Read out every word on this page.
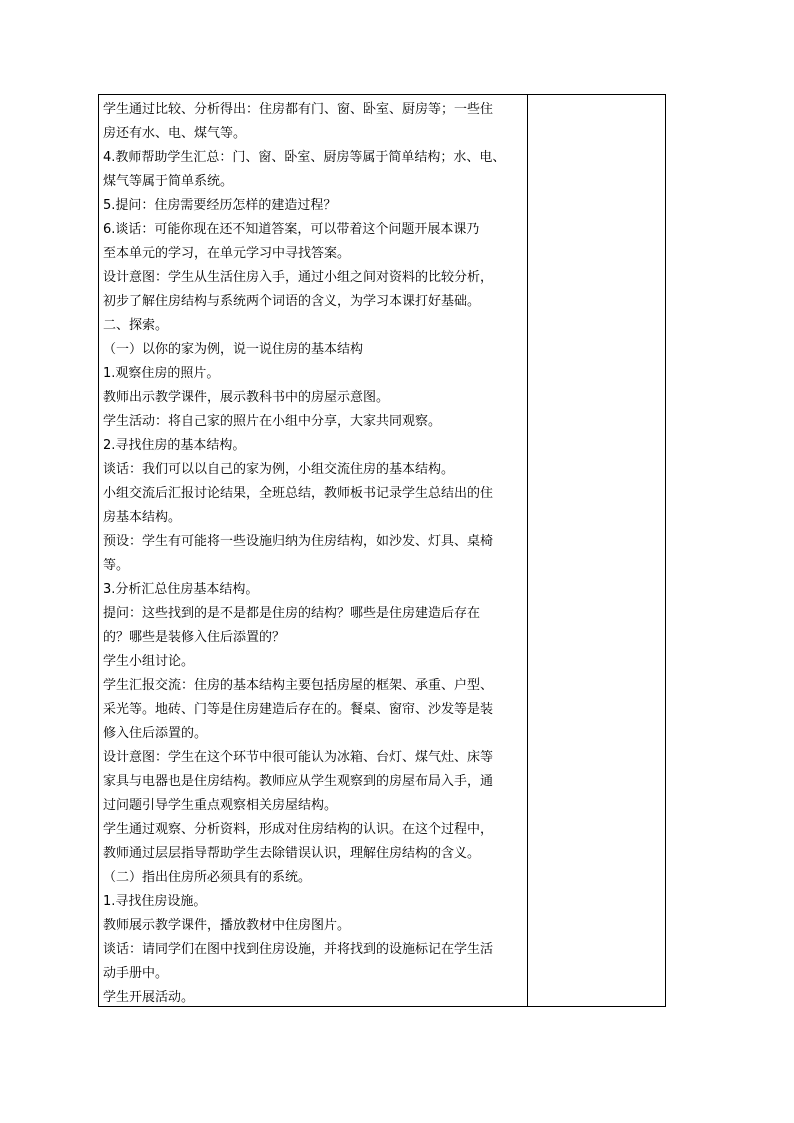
学生通过比较、分析得出：住房都有门、窗、卧室、厨房等；一些住
房还有水、电、煤气等。
4.教师帮助学生汇总：门、窗、卧室、厨房等属于简单结构；水、电、
煤气等属于简单系统。
5.提问：住房需要经历怎样的建造过程？
6.谈话：可能你现在还不知道答案，可以带着这个问题开展本课乃
至本单元的学习，在单元学习中寻找答案。
设计意图：学生从生活住房入手，通过小组之间对资料的比较分析，
初步了解住房结构与系统两个词语的含义，为学习本课打好基础。
二、探索。
（一）以你的家为例，说一说住房的基本结构
1.观察住房的照片。
教师出示教学课件，展示教科书中的房屋示意图。
学生活动：将自己家的照片在小组中分享，大家共同观察。
2.寻找住房的基本结构。
谈话：我们可以以自己的家为例，小组交流住房的基本结构。
小组交流后汇报讨论结果，全班总结，教师板书记录学生总结出的住
房基本结构。
预设：学生有可能将一些设施归纳为住房结构，如沙发、灯具、桌椅
等。
3.分析汇总住房基本结构。
提问：这些找到的是不是都是住房的结构？哪些是住房建造后存在
的？哪些是装修入住后添置的？
学生小组讨论。
学生汇报交流：住房的基本结构主要包括房屋的框架、承重、户型、
采光等。地砖、门等是住房建造后存在的。餐桌、窗帘、沙发等是装
修入住后添置的。
设计意图：学生在这个环节中很可能认为冰箱、台灯、煤气灶、床等
家具与电器也是住房结构。教师应从学生观察到的房屋布局入手，通
过问题引导学生重点观察相关房屋结构。
学生通过观察、分析资料，形成对住房结构的认识。在这个过程中，
教师通过层层指导帮助学生去除错误认识，理解住房结构的含义。
（二）指出住房所必须具有的系统。
1.寻找住房设施。
教师展示教学课件，播放教材中住房图片。
谈话：请同学们在图中找到住房设施，并将找到的设施标记在学生活
动手册中。
学生开展活动。
